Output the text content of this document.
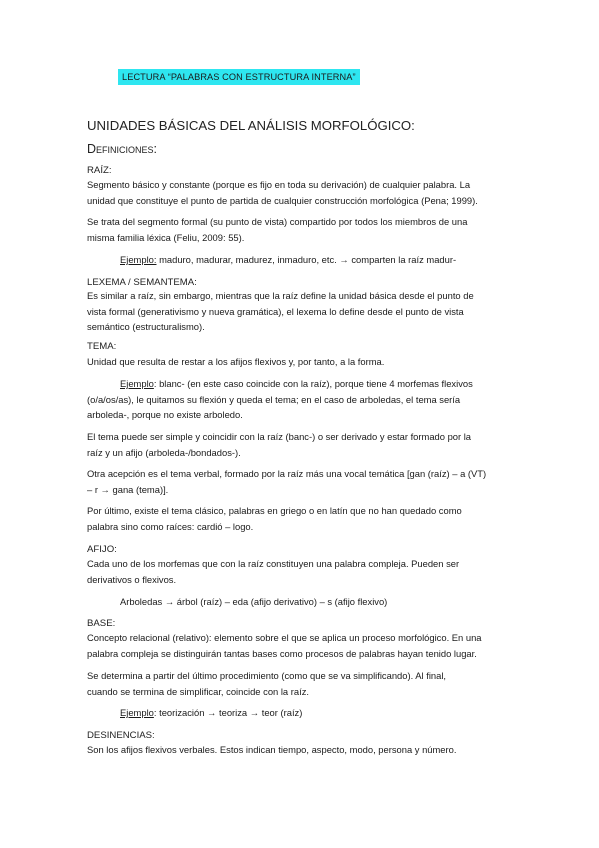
LECTURA “PALABRAS CON ESTRUCTURA INTERNA”
UNIDADES BÁSICAS DEL ANÁLISIS MORFOLÓGICO:
Definiciones:
RAÍZ:
Segmento básico y constante (porque es fijo en toda su derivación) de cualquier palabra. La
unidad que constituye el punto de partida de cualquier construcción morfológica (Pena; 1999).
Se trata del segmento formal (su punto de vista) compartido por todos los miembros de una
misma familia léxica (Feliu, 2009: 55).
Ejemplo: maduro, madurar, madurez, inmaduro, etc. → comparten la raíz madur-
LEXEMA / SEMANTEMA:
Es similar a raíz, sin embargo, mientras que la raíz define la unidad básica desde el punto de
vista formal (generativismo y nueva gramática), el lexema lo define desde el punto de vista
semántico (estructuralismo).
TEMA:
Unidad que resulta de restar a los afijos flexivos y, por tanto, a la forma.
Ejemplo: blanc- (en este caso coincide con la raíz), porque tiene 4 morfemas flexivos
(o/a/os/as), le quitamos su flexión y queda el tema; en el caso de arboledas, el tema sería
arboleda-, porque no existe arboledo.
El tema puede ser simple y coincidir con la raíz (banc-) o ser derivado y estar formado por la
raíz y un afijo (arboleda-/bondados-).
Otra acepción es el tema verbal, formado por la raíz más una vocal temática [gan (raíz) – a (VT)
– r → gana (tema)].
Por último, existe el tema clásico, palabras en griego o en latín que no han quedado como
palabra sino como raíces: cardió – logo.
AFIJO:
Cada uno de los morfemas que con la raíz constituyen una palabra compleja. Pueden ser
derivativos o flexivos.
Arboledas → árbol (raíz) – eda (afijo derivativo) – s (afijo flexivo)
BASE:
Concepto relacional (relativo): elemento sobre el que se aplica un proceso morfológico. En una
palabra compleja se distinguirán tantas bases como procesos de palabras hayan tenido lugar.
Se determina a partir del último procedimiento (como que se va simplificando). Al final,
cuando se termina de simplificar, coincide con la raíz.
Ejemplo: teorización → teoriza → teor (raíz)
DESINENCIAS:
Son los afijos flexivos verbales. Estos indican tiempo, aspecto, modo, persona y número.
